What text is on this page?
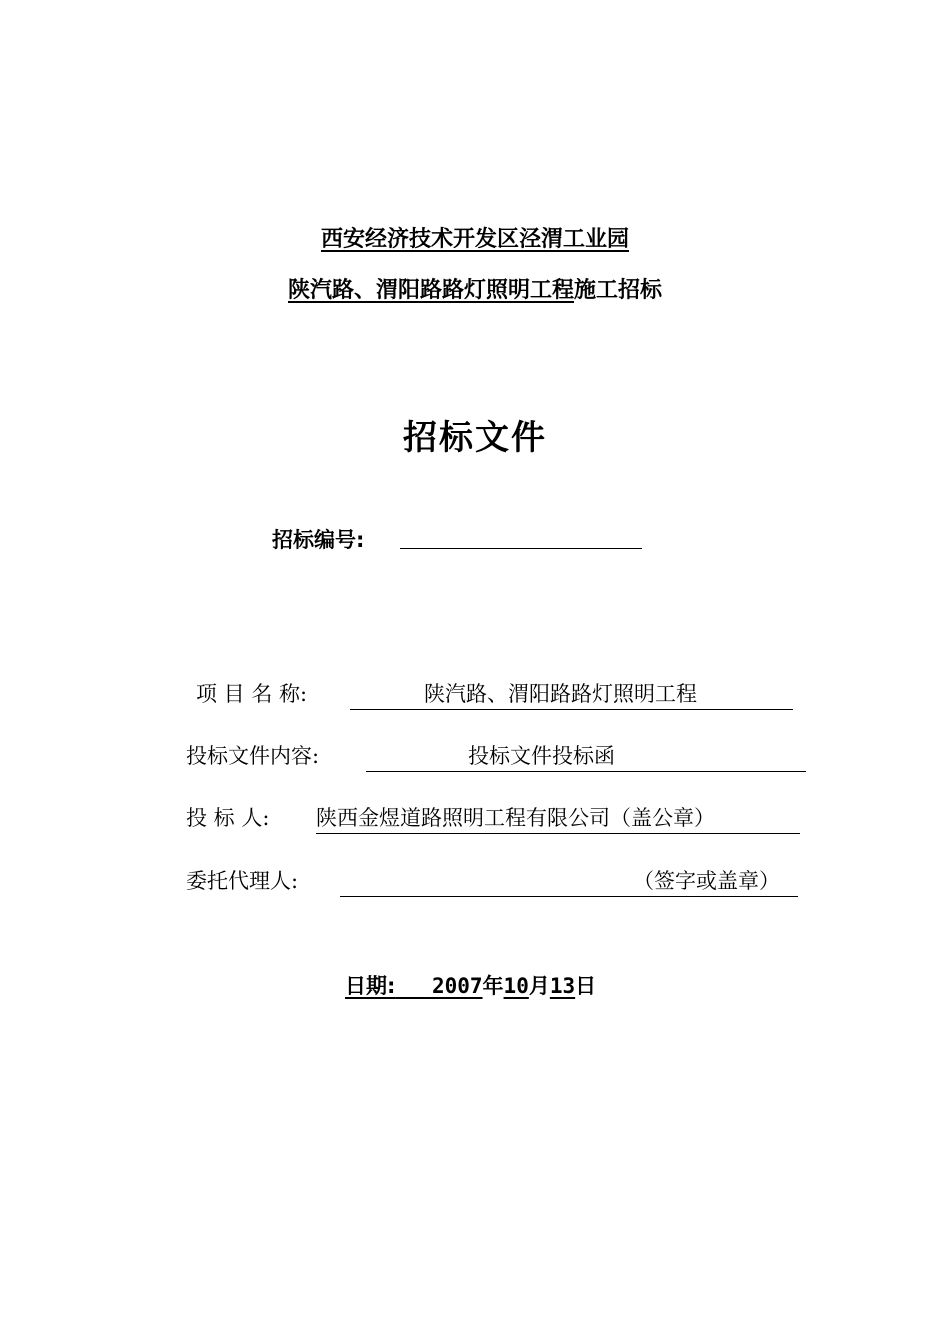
西安经济技术开发区泾渭工业园
陕汽路、渭阳路路灯照明工程施工招标
招标文件
招标编号:
项 目 名 称:	陕汽路、渭阳路路灯照明工程
投标文件内容:	投标文件投标函
投 标 人: 陕西金煜道路照明工程有限公司（盖公章）
委托代理人:	（签字或盖章）
日期: 2007年10月13日
